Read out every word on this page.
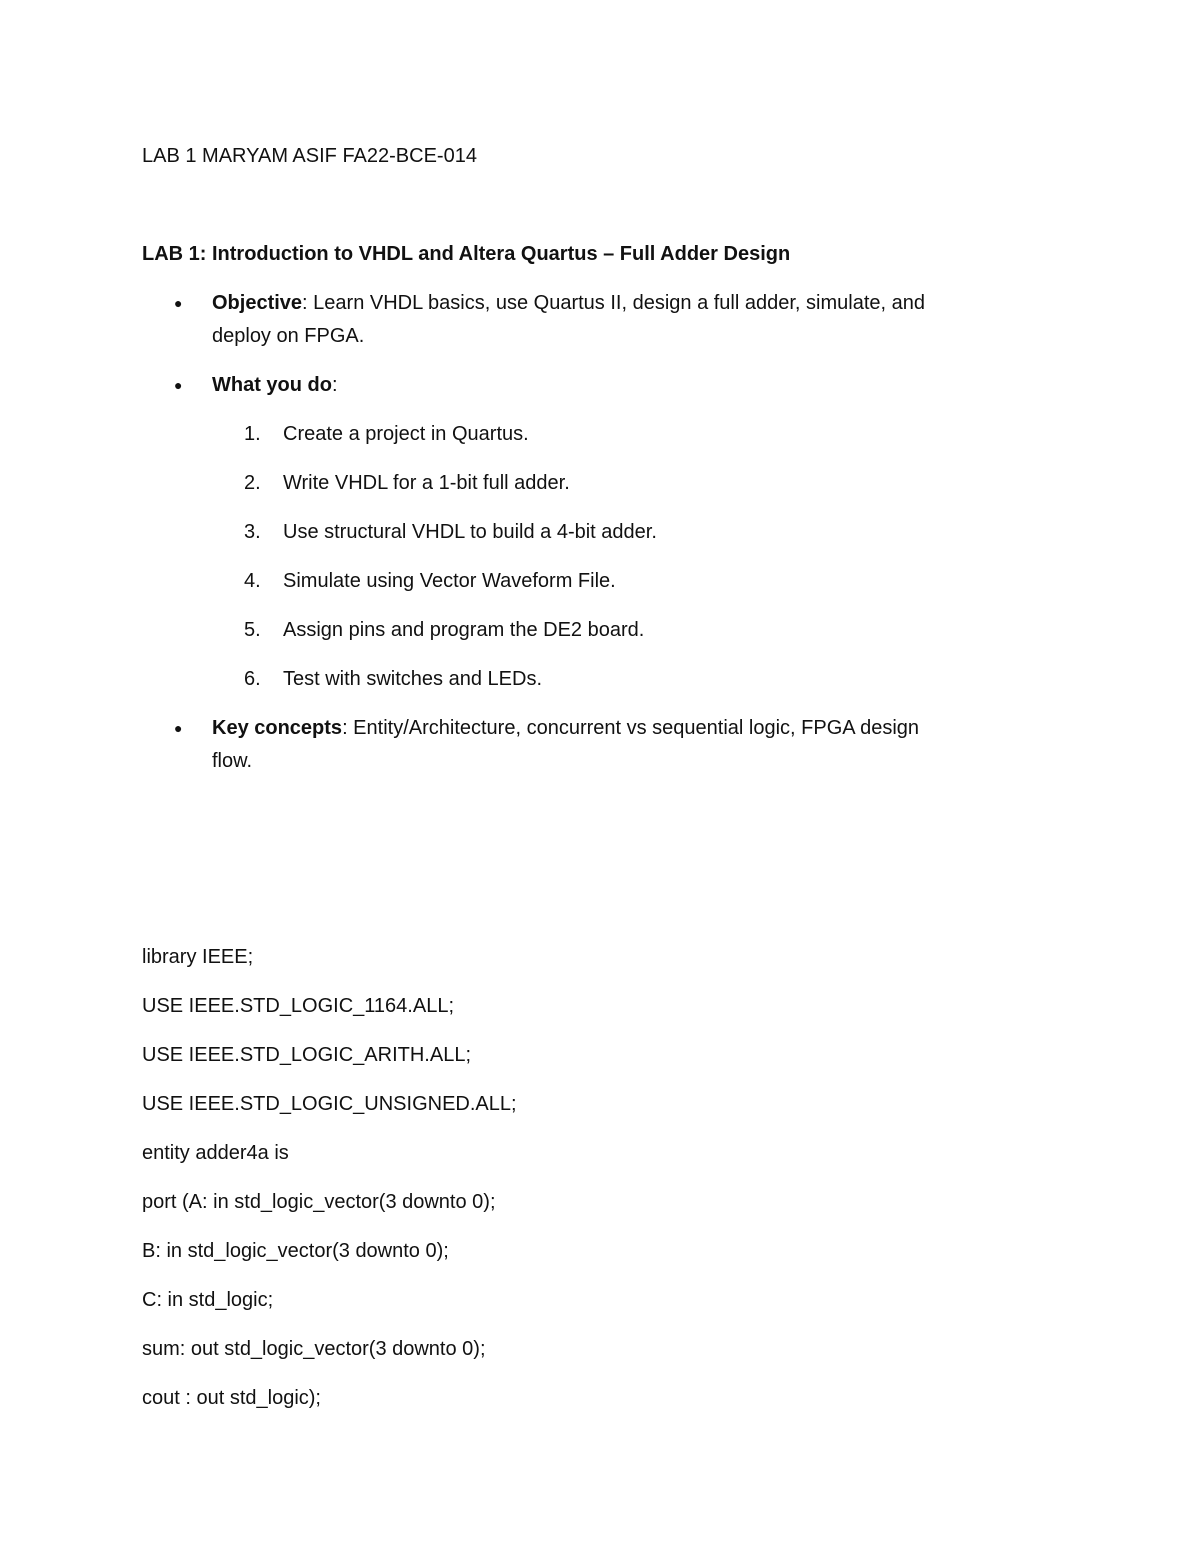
LAB 1 MARYAM ASIF FA22-BCE-014
LAB 1: Introduction to VHDL and Altera Quartus – Full Adder Design
● Objective: Learn VHDL basics, use Quartus II, design a full adder, simulate, and
deploy on FPGA.
● What you do:
1.	Create a project in Quartus.
2.	Write VHDL for a 1-bit full adder.
3.	Use structural VHDL to build a 4-bit adder.
4.	Simulate using Vector Waveform File.
5.	Assign pins and program the DE2 board.
6.	Test with switches and LEDs.
● Key concepts: Entity/Architecture, concurrent vs sequential logic, FPGA design
flow.
library IEEE;
USE IEEE.STD_LOGIC_1164.ALL;
USE IEEE.STD_LOGIC_ARITH.ALL;
USE IEEE.STD_LOGIC_UNSIGNED.ALL;
entity adder4a is
port (A: in std_logic_vector(3 downto 0);
B: in std_logic_vector(3 downto 0);
C: in std_logic;
sum: out std_logic_vector(3 downto 0);
cout : out std_logic);
